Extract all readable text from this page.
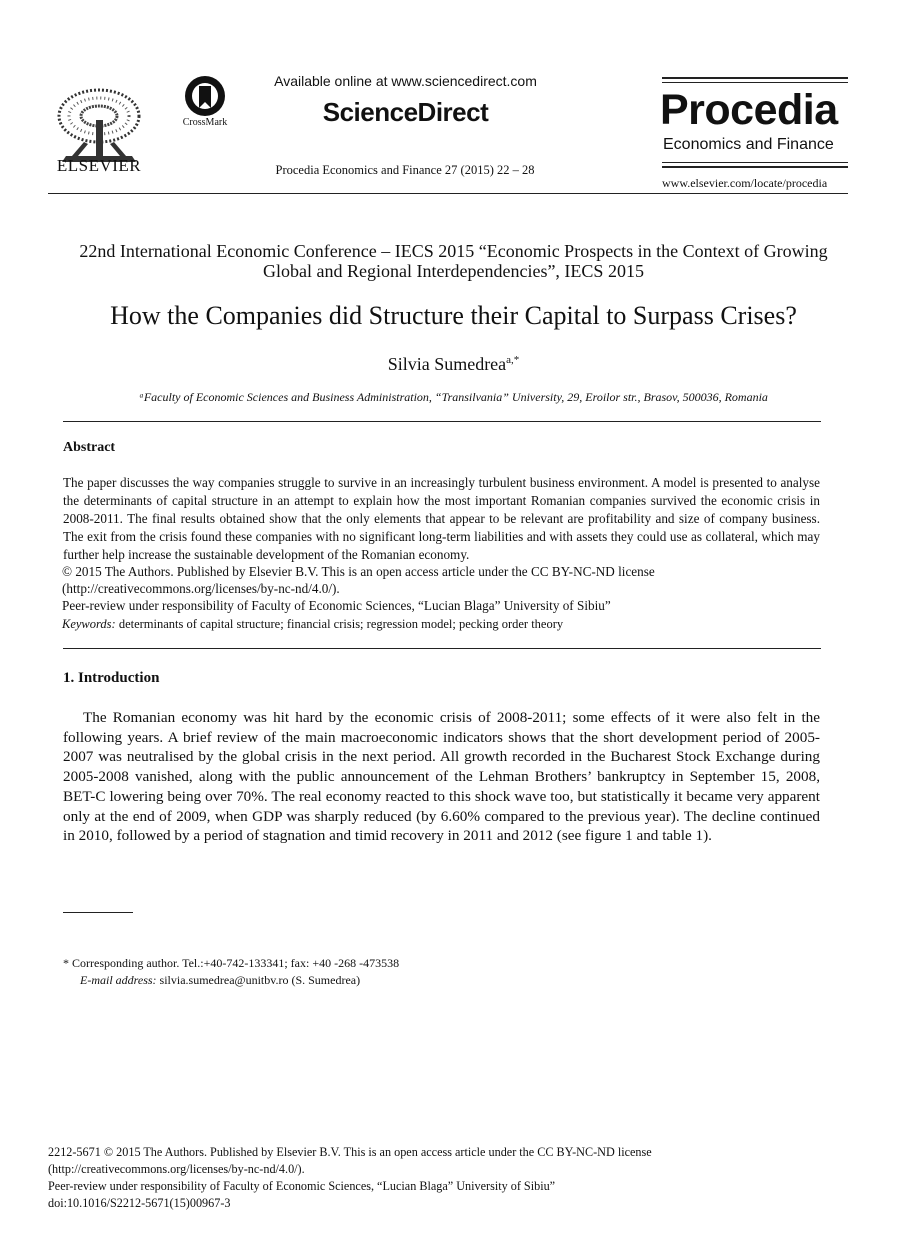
ELSEVIER
CrossMark
Available online at www.sciencedirect.com
ScienceDirect
Procedia Economics and Finance 27 (2015) 22 – 28
Procedia
Economics and Finance
www.elsevier.com/locate/procedia
22nd International Economic Conference – IECS 2015 “Economic Prospects in the Context of Growing Global and Regional Interdependencies”, IECS 2015
How the Companies did Structure their Capital to Surpass Crises?
Silvia Sumedrea$^{a,*}$
ᵃFaculty of Economic Sciences and Business Administration, “Transilvania” University, 29, Eroilor str., Brasov, 500036, Romania
Abstract
The paper discusses the way companies struggle to survive in an increasingly turbulent business environment. A model is presented to analyse the determinants of capital structure in an attempt to explain how the most important Romanian companies survived the economic crisis in 2008-2011. The final results obtained show that the only elements that appear to be relevant are profitability and size of company business. The exit from the crisis found these companies with no significant long-term liabilities and with assets they could use as collateral, which may further help increase the sustainable development of the Romanian economy.
© 2015 The Authors. Published by Elsevier B.V. This is an open access article under the CC BY-NC-ND license
(http://creativecommons.org/licenses/by-nc-nd/4.0/).
Peer-review under responsibility of Faculty of Economic Sciences, “Lucian Blaga” University of Sibiu”
Keywords: determinants of capital structure; financial crisis; regression model; pecking order theory
1. Introduction
The Romanian economy was hit hard by the economic crisis of 2008-2011; some effects of it were also felt in the following years. A brief review of the main macroeconomic indicators shows that the short development period of 2005-2007 was neutralised by the global crisis in the next period. All growth recorded in the Bucharest Stock Exchange during 2005-2008 vanished, along with the public announcement of the Lehman Brothers’ bankruptcy in September 15, 2008, BET-C lowering being over 70%. The real economy reacted to this shock wave too, but statistically it became very apparent only at the end of 2009, when GDP was sharply reduced (by 6.60% compared to the previous year). The decline continued in 2010, followed by a period of stagnation and timid recovery in 2011 and 2012 (see figure 1 and table 1).
* Corresponding author. Tel.:+40-742-133341; fax: +40 -268 -473538
E-mail address: silvia.sumedrea@unitbv.ro (S. Sumedrea)
2212-5671 © 2015 The Authors. Published by Elsevier B.V. This is an open access article under the CC BY-NC-ND license
(http://creativecommons.org/licenses/by-nc-nd/4.0/).
Peer-review under responsibility of Faculty of Economic Sciences, “Lucian Blaga” University of Sibiu”
doi:10.1016/S2212-5671(15)00967-3
